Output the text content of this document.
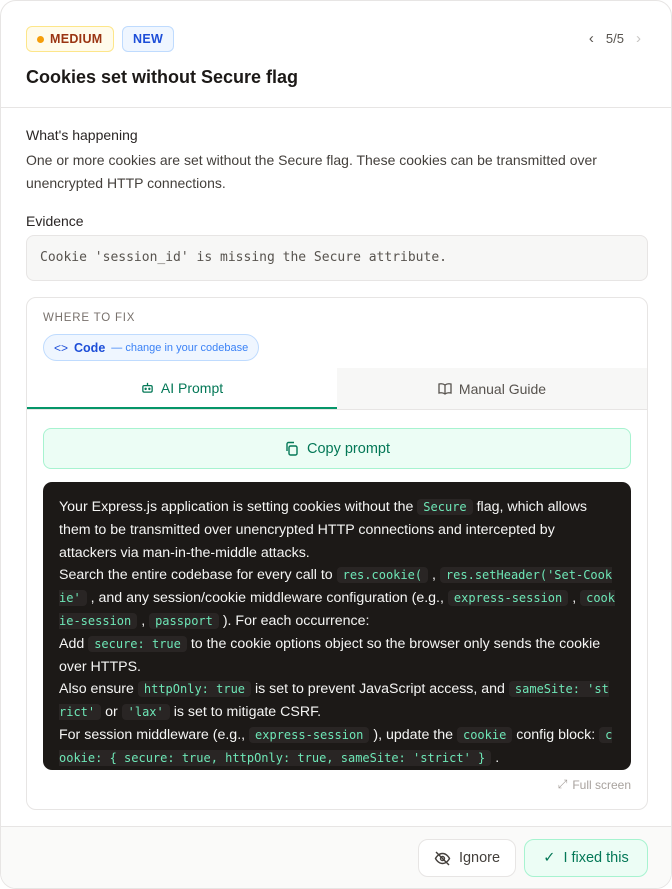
MEDIUM	NEW	‹ 5/5 ›
Cookies set without Secure flag
What's happening
One or more cookies are set without the Secure flag. These cookies can be transmitted over unencrypted HTTP connections.
Evidence
Cookie 'session_id' is missing the Secure attribute.
WHERE TO FIX
<> Code — change in your codebase
AI Prompt	Manual Guide
Copy prompt

Your Express.js application is setting cookies without the Secure flag, which allows them to be transmitted over unencrypted HTTP connections and intercepted by attackers via man-in-the-middle attacks.

Search the entire codebase for every call to res.cookie( , res.setHeader('Set-Cookie' , and any session/cookie middleware configuration (e.g., express-session , cookie-session , passport ). For each occurrence:

Add secure: true to the cookie options object so the browser only sends the cookie over HTTPS.

Also ensure httpOnly: true is set to prevent JavaScript access, and sameSite: 'strict' or 'lax' is set to mitigate CSRF.

For session middleware (e.g., express-session ), update the cookie config block: cookie: { secure: true, httpOnly: true, sameSite: 'strict' } .

⤢ Full screen
Ignore	✓ I fixed this
